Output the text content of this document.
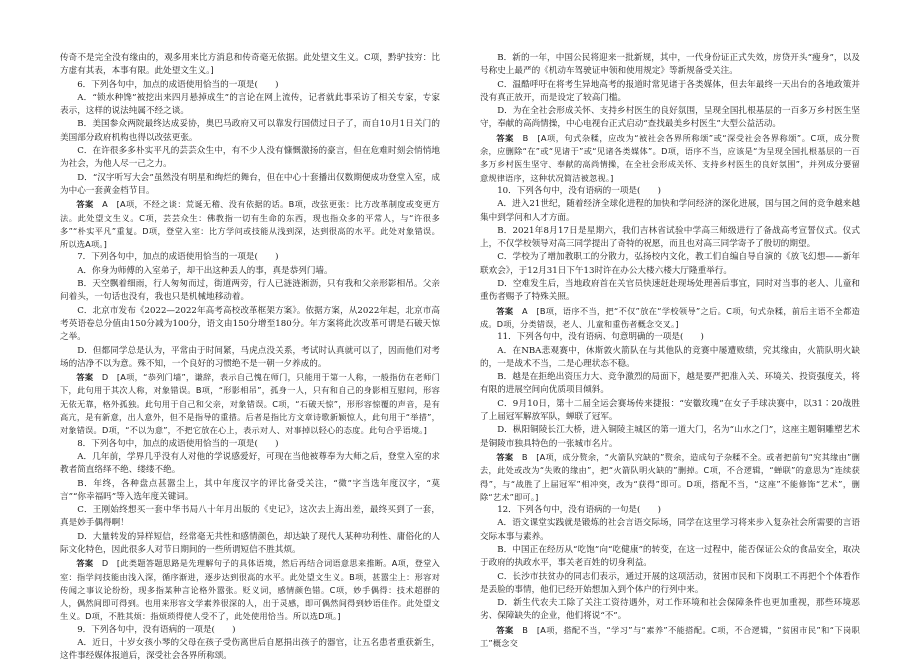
传奇不是完全没有缘由的，观多用来比方消息和传奇毫无依据。此处望文生义。C项，黔驴技穷：比方虚有其表，本事有限。此处望文生义。]

6．下列各句中，加点的成语使用恰当的一项是(　　)

A．“锁水种馋”被挖出来四月悬掉成生”的言论在网上流传，记者就此事采访了相关专家，专家表示，这样的说法纯属不经之谈。

B．美国参众两院最终达成妥协，奥巴马政府又可以靠发行国债过日子了，而自10月1日关门的美国部分政府机构也得以改弦更张。

C．在许很多多朴实平凡的芸芸众生中，有不少人没有慷慨激扬的豪言，但在危难时刻会悄悄地为社会，为他人尽一己之力。

D．“汉字听写大会”虽然没有明星和绚烂的舞台，但在中心十套播出仅数期便成功登堂入室，成为中心一套黄金档节目。

答案　A　[A项，不经之谈：荒诞无稽、没有依据的话。B项，改弦更张：比方改革制度或变更方法。此处望文生义。C项，芸芸众生：佛教指一切有生命的东西，现也指众多的平常人，与“许很多多”“朴实平凡”重复。D项，登堂入室：比方学问或技能从浅到深，达到很高的水平。此处对象错误。所以选A项。]

7．下列各句中，加点的成语使用恰当的一项是(　　)

A．你身为师傅的入室弟子，却干出这种丢人的事，真是恭列门墙。

B．天空飘着细雨，行人匆匆而过，街道两旁，行人已涟涟淅沥，只有我和父亲形影相吊。父亲问着头，一句话也没有，我也只是机械地移动着。

C．北京市发布《2022—2022年高考高校改革框架方案》。依据方案，从2022年起，北京市高考英语卷总分值由150分减为100分，语文由150分增至180分。年方案将此次改革可谓是石破天惊之举。

D．但都同学总是认为，平常由于时间紧，马虎点没关系，考试时认真就可以了，因而他们对考场的洁净不以为意。殊不知，一个良好的习惯绝不是一朝一夕养成的。

答案　D　[A项，“恭列门墙”，谦辞，表示自己愧在师门，只能用于第一人称，一般指仿在老师门下，此句用于其次人称，对象错误。B项，“形影相吊”，孤身一人，只有和自己的身影相互慰问，形容无依无靠，格外孤独。此句用于自己和父亲，对象错误。C项，“石破天惊”，形形容惊覆的声音，是有高亢，是有新意，出人意外，但不是指导的重措。后者是指比方文章诗歌新颖惊人，此句用于“举措”，对象错误。D项，“不以为意”，不把它放在心上，表示对人、对事掉以轻心的态度。此句合乎语境。]

8．下列各句中，加点的成语使用恰当的一项是(　　)

A．几年前，学界几乎没有人对他的学说感爱好，可现在当他被尊奉为大师之后，登堂入室的求教者简直络绎不绝、缕缕不绝。

B．年终，各种盘点甚嚣尘上，其中年度汉字的评比备受关注，“微”字当选年度汉字，“莫言”“你幸福吗”等入选年度关键词。

C．王刚始终想买一套中华书局八十年月出版的《史记》，这次去上海出差，最终买到了一套，真是妙手偶得啊！

D．大量转发的异样短信，经常毫无共性和感情颜色，却达缺了现代人某种功利性、庸俗化的人际文化特色，因此很多人对节日期间的一些所谓短信不胜其烦。

答案　D　[此类题答题思路是先理解句子的具体语境，然后再结合词语意思来推断。A项，登堂入室：指学问技能由浅入深，循序渐进，逐步达到很高的水平。此处望文生义。B项，甚嚣尘上：形容对传闻之事议论纷纷，现多指某种言论格外嚣张。贬义词，感情颜色错。C项，妙手偶得：技术超群的人，偶然间即可得到。也用来形容文学素养很深的人，出于灵感，即可偶然间得到妙语佳作。此处望文生义。D项，不胜其烦：指烦琐得使人受不了，此处使用恰当。所以选D项。]

9．下列各句中，没有语病的一项是(　　)

A．近日，十岁女孩小琴的父母在孩子受伤离世后自愿捐出孩子的器官，让五名患者重获新生，这件事经媒体报道后，深受社会各界所称颂。

B．新的一年，中国公民将迎来一批新规，其中，一代身份证正式失效，房贷开头“瘦身”，以及号称史上最严的《机动车驾驶证申领和使用规定》等新规备受关注。

C．温酷呼吁在将考生异地高考的报道时常见诸于各类媒体，但去年最终一天出台的各地政策并没有真正放开，而是设定了较高门槛。

D．为在全社会形成关怀、支持乡村医生的良好氛围，呈现全国扎根基层的一百多万乡村医生坚守，奉献的高尚情操，中心电视台正式启动“查找最美乡村医生”大型公益活动。

答案　B　[A项，句式杂糅，应改为“被社会各界所称颂”或“深受社会各界称颂”。C项，成分赘余，应删除“在”或“见诸于”或“见诸各类媒体”。D项，语序不当，应该是“为呈现全国扎根基层的一百多万乡村医生坚守、奉献的高尚情操，在全社会形成关怀、支持乡村医生的良好氛围”，并列成分要留意规律语序，这种状况简洁被忽视。]

10．下列各句中，没有语病的一项是(　　)

A．进入21世纪，随着经济全球化进程的加快和学问经济的深化进展，国与国之间的竞争越来越集中到学问和人才方面。

B．2021年8月17日是星期六，我们吉林省试验中学高三师级进行了备战高考宣誓仪式。仪式上，不仅学校领导对高三同学提出了奇特的祝愿，而且也对高三同学寄予了殷切的期望。

C．学校为了增加教职工的分散力，弘扬校内文化，教工们自编自导自演的《放飞幻想——新年联欢会》，于12月31日下午13时许在办公大楼六楼大厅隆重举行。

D．空难发生后，当地政府首在关官员快速赶赴现场处理善后事宜，同时对当事的老人、儿童和重伤者赐予了特殊关照。

答案　A　[B项，语序不当，把“不仅”放在“学校领导”之后。C项，句式杂糅，前后主语不全都造成。D项，分类错误，老人、儿童和重伤者概念交叉。]

11．下列各句中，没有语病、句意明确的一项是(　　)

A．在NBA悲观赛中，休斯敦火箭队在与其他队的竞赛中屡遭败绩，究其缘由，火箭队明火缺的，一是战术不当，二是心理状态不稳。

B．越是在拒绝出资压力大、竞争激烈的局面下，越是要严把准入关、环境关、投资强度关，将有限的进展空间向优质项目倾斜。

C．9月10日，第十二届全运会赛场传来捷报：“安徽玫瑰”在女子手球决赛中，以31∶20战胜了上届冠军解放军队，蝉联了冠军。

D．枞阳铜陵长江大桥，进入铜陵主城区的第一道大门，名为“山水之门”，这座主题铜雕塑艺术是铜陵市独具特色的一张城市名片。

答案　B　[A项，成分赘余，“火箭队究缺的”赘余，造成句子杂糅不全。或者把前句“究其缘由”删去，此处或改为“失败的缘由”，把“火箭队明火缺的”删掉。C项，不合逻辑，“蝉联”的意思为“连续获得”，与“战胜了上届冠军”相冲突，改为“获得”即可。D项，搭配不当，“这座”不能修饰“艺术”，删除“艺术”即可。]

12．下列各句中，没有语病的一句是(　　)

A．语文课堂实践就是锻炼的社会言语交际场，同学在这里学习将来步入复杂社会所需要的言语交际本事与素养。

B．中国正在经历从“吃饱”向“吃健康”的转变，在这一过程中，能否保证公众的食品安全，取决于政府的执政水平，事关老百姓的切身利益。

C．长沙市扶贫办的同志们表示，通过开展的这项活动，贫困市民和下岗职工不再把个个体看作是丢脸的事情，他们已经开始想加入到个体户的行列中来。

D．新生代农夫工除了关注工资待遇外，对工作环境和社会保障条件也更加重视，那些环境恶劣、保障缺失的企业，他们将说“不”。

答案　B　[A项，搭配不当，“学习”与“素养”不能搭配。C项，不合逻辑，“贫困市民”和“下岗职工”概念交
